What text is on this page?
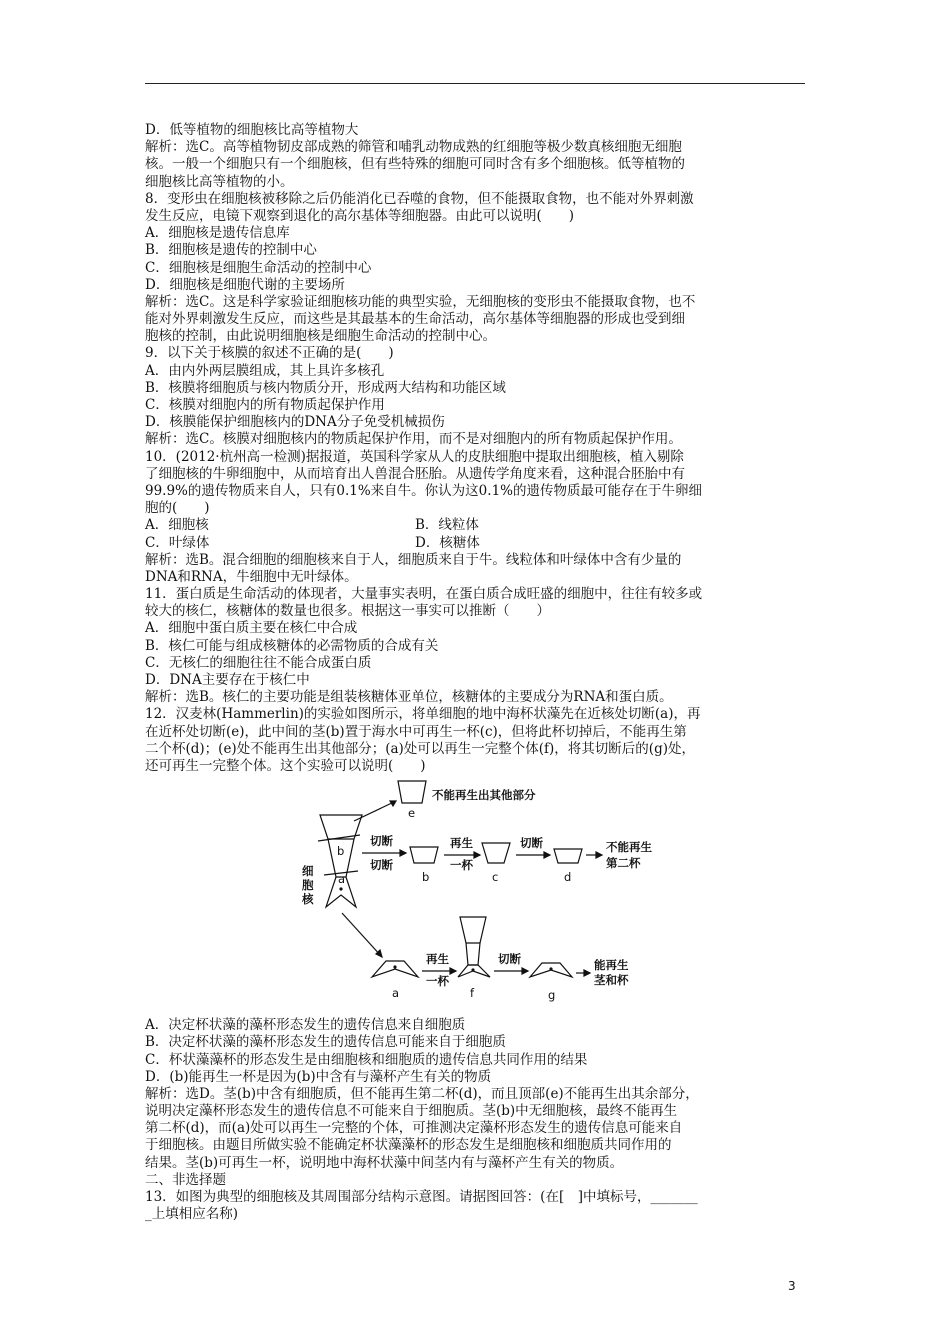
D．低等植物的细胞核比高等植物大
解析：选C。高等植物韧皮部成熟的筛管和哺乳动物成熟的红细胞等极少数真核细胞无细胞
核。一般一个细胞只有一个细胞核，但有些特殊的细胞可同时含有多个细胞核。低等植物的
细胞核比高等植物的小。
8．变形虫在细胞核被移除之后仍能消化已吞噬的食物，但不能摄取食物，也不能对外界刺激
发生反应，电镜下观察到退化的高尔基体等细胞器。由此可以说明(　　)
A．细胞核是遗传信息库
B．细胞核是遗传的控制中心
C．细胞核是细胞生命活动的控制中心
D．细胞核是细胞代谢的主要场所
解析：选C。这是科学家验证细胞核功能的典型实验，无细胞核的变形虫不能摄取食物，也不
能对外界刺激发生反应，而这些是其最基本的生命活动，高尔基体等细胞器的形成也受到细
胞核的控制，由此说明细胞核是细胞生命活动的控制中心。
9．以下关于核膜的叙述不正确的是(　　)
A．由内外两层膜组成，其上具许多核孔
B．核膜将细胞质与核内物质分开，形成两大结构和功能区域
C．核膜对细胞内的所有物质起保护作用
D．核膜能保护细胞核内的DNA分子免受机械损伤
解析：选C。核膜对细胞核内的物质起保护作用，而不是对细胞内的所有物质起保护作用。
10．(2012·杭州高一检测)据报道，英国科学家从人的皮肤细胞中提取出细胞核，植入剔除
了细胞核的牛卵细胞中，从而培育出人兽混合胚胎。从遗传学角度来看，这种混合胚胎中有
99.9%的遗传物质来自人，只有0.1%来自牛。你认为这0.1%的遗传物质最可能存在于牛卵细
胞的(　　)
A．细胞核	B．线粒体
C．叶绿体	D．核糖体
解析：选B。混合细胞的细胞核来自于人，细胞质来自于牛。线粒体和叶绿体中含有少量的
DNA和RNA，牛细胞中无叶绿体。
11．蛋白质是生命活动的体现者，大量事实表明，在蛋白质合成旺盛的细胞中，往往有较多或
较大的核仁，核糖体的数量也很多。根据这一事实可以推断（　　）
A．细胞中蛋白质主要在核仁中合成
B．核仁可能与组成核糖体的必需物质的合成有关
C．无核仁的细胞往往不能合成蛋白质
D．DNA主要存在于核仁中
解析：选B。核仁的主要功能是组装核糖体亚单位，核糖体的主要成分为RNA和蛋白质。
12．汉麦林(Hammerlin)的实验如图所示，将单细胞的地中海杯状藻先在近核处切断(a)，再
在近杯处切断(e)，此中间的茎(b)置于海水中可再生一杯(c)，但将此杯切掉后，不能再生第
二个杯(d)；(e)处不能再生出其他部分；(a)处可以再生一完整个体(f)，将其切断后的(g)处，
还可再生一完整个体。这个实验可以说明(　　)
不能再生出其他部分
e
b
a
切断
切断
b
再生
一杯
c
切断
d
不能再生
第二杯
细
胞
核
再生
一杯
a	f
切断
g
能再生
茎和杯
A．决定杯状藻的藻杯形态发生的遗传信息来自细胞质
B．决定杯状藻的藻杯形态发生的遗传信息可能来自于细胞质
C．杯状藻藻杯的形态发生是由细胞核和细胞质的遗传信息共同作用的结果
D．(b)能再生一杯是因为(b)中含有与藻杯产生有关的物质
解析：选D。茎(b)中含有细胞质，但不能再生第二杯(d)，而且顶部(e)不能再生出其余部分，
说明决定藻杯形态发生的遗传信息不可能来自于细胞质。茎(b)中无细胞核，最终不能再生
第二杯(d)，而(a)处可以再生一完整的个体，可推测决定藻杯形态发生的遗传信息可能来自
于细胞核。由题目所做实验不能确定杯状藻藻杯的形态发生是细胞核和细胞质共同作用的
结果。茎(b)可再生一杯，说明地中海杯状藻中间茎内有与藻杯产生有关的物质。
二、非选择题
13．如图为典型的细胞核及其周围部分结构示意图。请据图回答：(在[　]中填标号，_______
_上填相应名称)
3
